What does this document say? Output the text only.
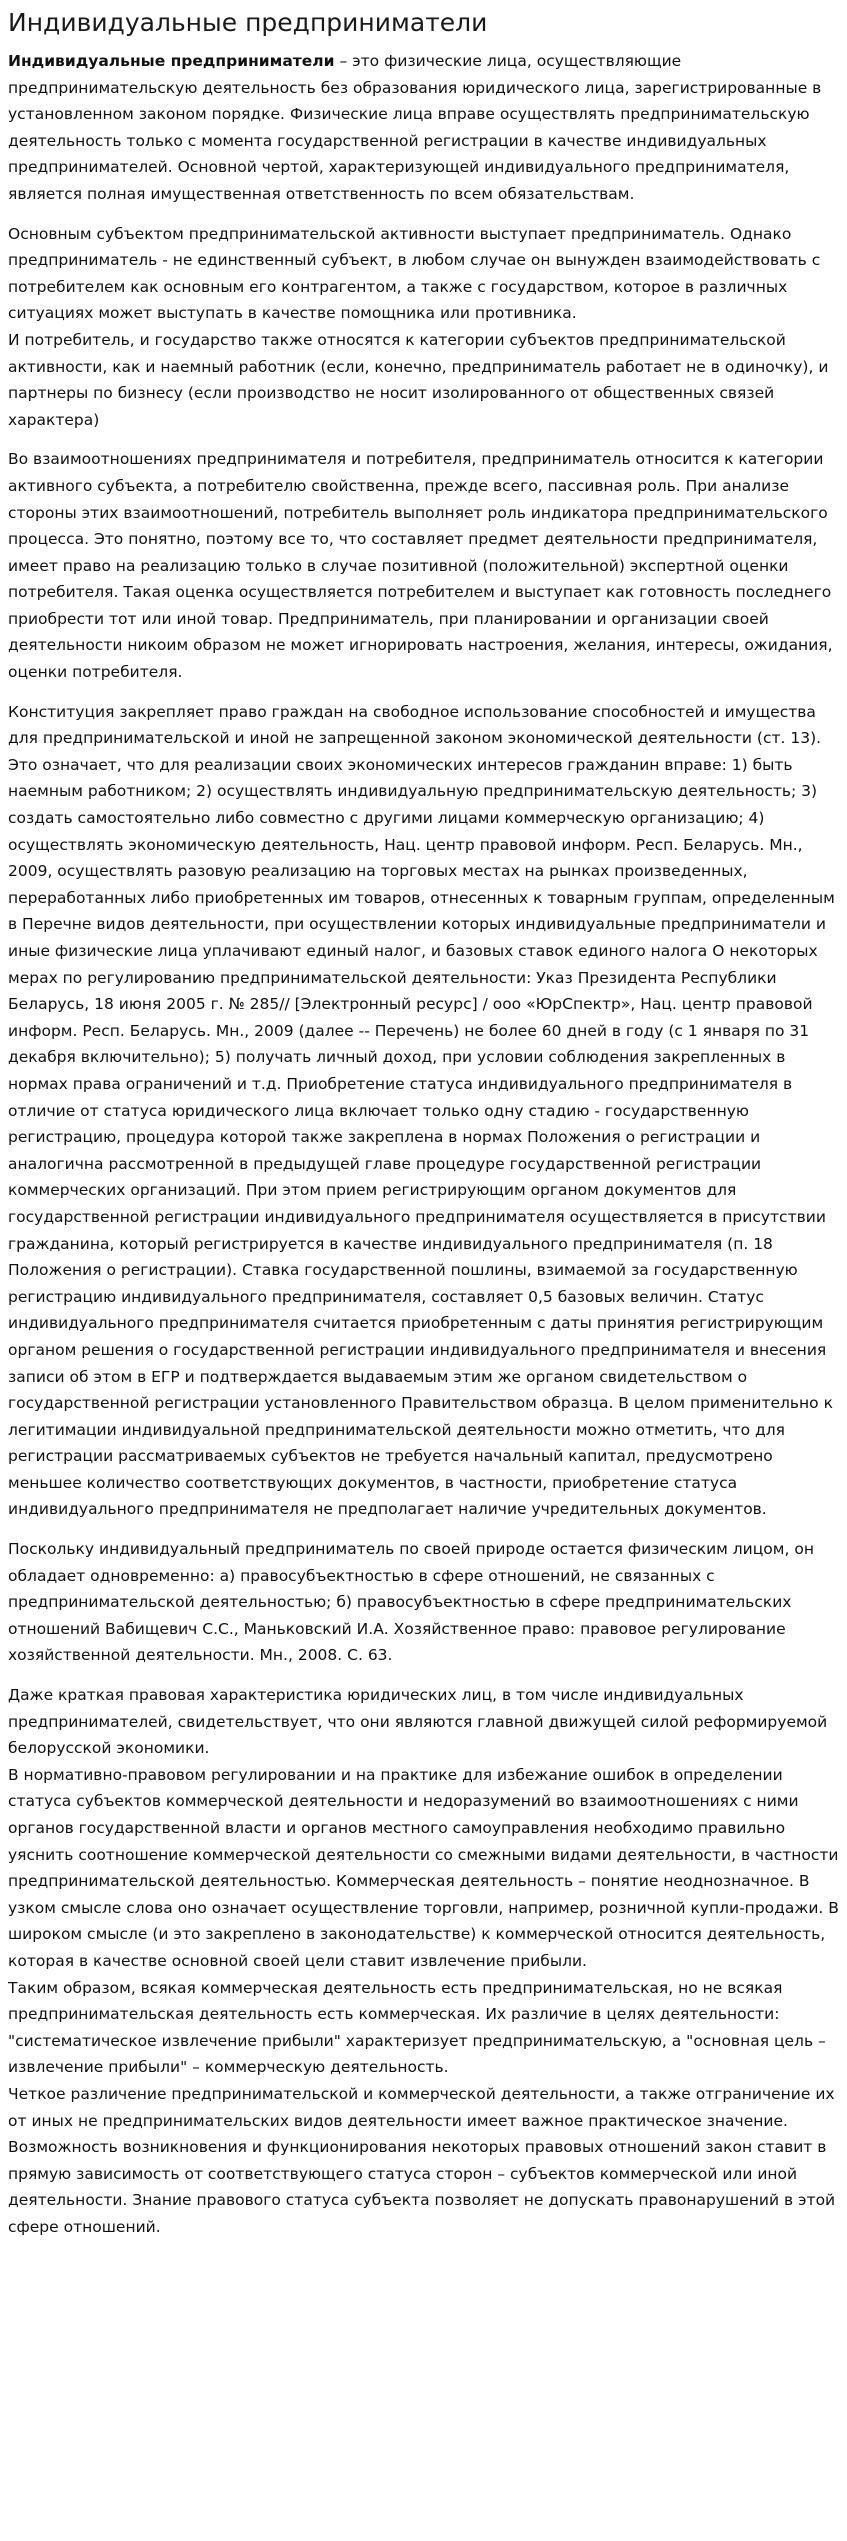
Индивидуальные предприниматели
Индивидуальные предприниматели – это физические лица, осуществляющие предпринимательскую деятельность без образования юридического лица, зарегистрированные в установленном законом порядке. Физические лица вправе осуществлять предпринимательскую деятельность только с момента государственной регистрации в качестве индивидуальных предпринимателей. Основной чертой, характеризующей индивидуального предпринимателя, является полная имущественная ответственность по всем обязательствам.
Основным субъектом предпринимательской активности выступает предприниматель. Однако предприниматель - не единственный субъект, в любом случае он вынужден взаимодействовать с потребителем как основным его контрагентом, а также с государством, которое в различных ситуациях может выступать в качестве помощника или противника.
И потребитель, и государство также относятся к категории субъектов предпринимательской активности, как и наемный работник (если, конечно, предприниматель работает не в одиночку), и партнеры по бизнесу (если производство не носит изолированного от общественных связей характера)
Во взаимоотношениях предпринимателя и потребителя, предприниматель относится к категории активного субъекта, а потребителю свойственна, прежде всего, пассивная роль. При анализе стороны этих взаимоотношений, потребитель выполняет роль индикатора предпринимательского процесса. Это понятно, поэтому все то, что составляет предмет деятельности предпринимателя, имеет право на реализацию только в случае позитивной (положительной) экспертной оценки потребителя. Такая оценка осуществляется потребителем и выступает как готовность последнего приобрести тот или иной товар. Предприниматель, при планировании и организации своей деятельности никоим образом не может игнорировать настроения, желания, интересы, ожидания, оценки потребителя.
Конституция закрепляет право граждан на свободное использование способностей и имущества для предпринимательской и иной не запрещенной законом экономической деятельности (ст. 13). Это означает, что для реализации своих экономических интересов гражданин вправе: 1) быть наемным работником; 2) осуществлять индивидуальную предпринимательскую деятельность; 3) создать самостоятельно либо совместно с другими лицами коммерческую организацию; 4) осуществлять экономическую деятельность, Нац. центр правовой информ. Респ. Беларусь. Мн., 2009, осуществлять разовую реализацию на торговых местах на рынках произведенных, переработанных либо приобретенных им товаров, отнесенных к товарным группам, определенным в Перечне видов деятельности, при осуществлении которых индивидуальные предприниматели и иные физические лица уплачивают единый налог, и базовых ставок единого налога О некоторых мерах по регулированию предпринимательской деятельности: Указ Президента Республики Беларусь, 18 июня 2005 г. № 285// [Электронный ресурс] / ооо «ЮрСпектр», Нац. центр правовой информ. Респ. Беларусь. Мн., 2009 (далее -- Перечень) не более 60 дней в году (с 1 января по 31 декабря включительно); 5) получать личный доход, при условии соблюдения закрепленных в нормах права ограничений и т.д. Приобретение статуса индивидуального предпринимателя в отличие от статуса юридического лица включает только одну стадию - государственную регистрацию, процедура которой также закреплена в нормах Положения о регистрации и аналогична рассмотренной в предыдущей главе процедуре государственной регистрации коммерческих организаций. При этом прием регистрирующим органом документов для государственной регистрации индивидуального предпринимателя осуществляется в присутствии гражданина, который регистрируется в качестве индивидуального предпринимателя (п. 18 Положения о регистрации). Ставка государственной пошлины, взимаемой за государственную регистрацию индивидуального предпринимателя, составляет 0,5 базовых величин. Статус индивидуального предпринимателя считается приобретенным с даты принятия регистрирующим органом решения о государственной регистрации индивидуального предпринимателя и внесения записи об этом в ЕГР и подтверждается выдаваемым этим же органом свидетельством о государственной регистрации установленного Правительством образца. В целом применительно к легитимации индивидуальной предпринимательской деятельности можно отметить, что для регистрации рассматриваемых субъектов не требуется начальный капитал, предусмотрено меньшее количество соответствующих документов, в частности, приобретение статуса индивидуального предпринимателя не предполагает наличие учредительных документов.
Поскольку индивидуальный предприниматель по своей природе остается физическим лицом, он обладает одновременно: а) правосубъектностью в сфере отношений, не связанных с предпринимательской деятельностью; б) правосубъектностью в сфере предпринимательских отношений Вабищевич С.С., Маньковский И.А. Хозяйственное право: правовое регулирование хозяйственной деятельности. Мн., 2008. С. 63.
Даже краткая правовая характеристика юридических лиц, в том числе индивидуальных предпринимателей, свидетельствует, что они являются главной движущей силой реформируемой белорусской экономики.
В нормативно-правовом регулировании и на практике для избежание ошибок в определении статуса субъектов коммерческой деятельности и недоразумений во взаимоотношениях с ними органов государственной власти и органов местного самоуправления необходимо правильно уяснить соотношение коммерческой деятельности со смежными видами деятельности, в частности предпринимательской деятельностью. Коммерческая деятельность – понятие неоднозначное. В узком смысле слова оно означает осуществление торговли, например, розничной купли-продажи. В широком смысле (и это закреплено в законодательстве) к коммерческой относится деятельность, которая в качестве основной своей цели ставит извлечение прибыли.
Таким образом, всякая коммерческая деятельность есть предпринимательская, но не всякая предпринимательская деятельность есть коммерческая. Их различие в целях деятельности: "систематическое извлечение прибыли" характеризует предпринимательскую, а "основная цель – извлечение прибыли" – коммерческую деятельность.
Четкое различение предпринимательской и коммерческой деятельности, а также отграничение их от иных не предпринимательских видов деятельности имеет важное практическое значение. Возможность возникновения и функционирования некоторых правовых отношений закон ставит в прямую зависимость от соответствующего статуса сторон – субъектов коммерческой или иной деятельности. Знание правового статуса субъекта позволяет не допускать правонарушений в этой сфере отношений.
